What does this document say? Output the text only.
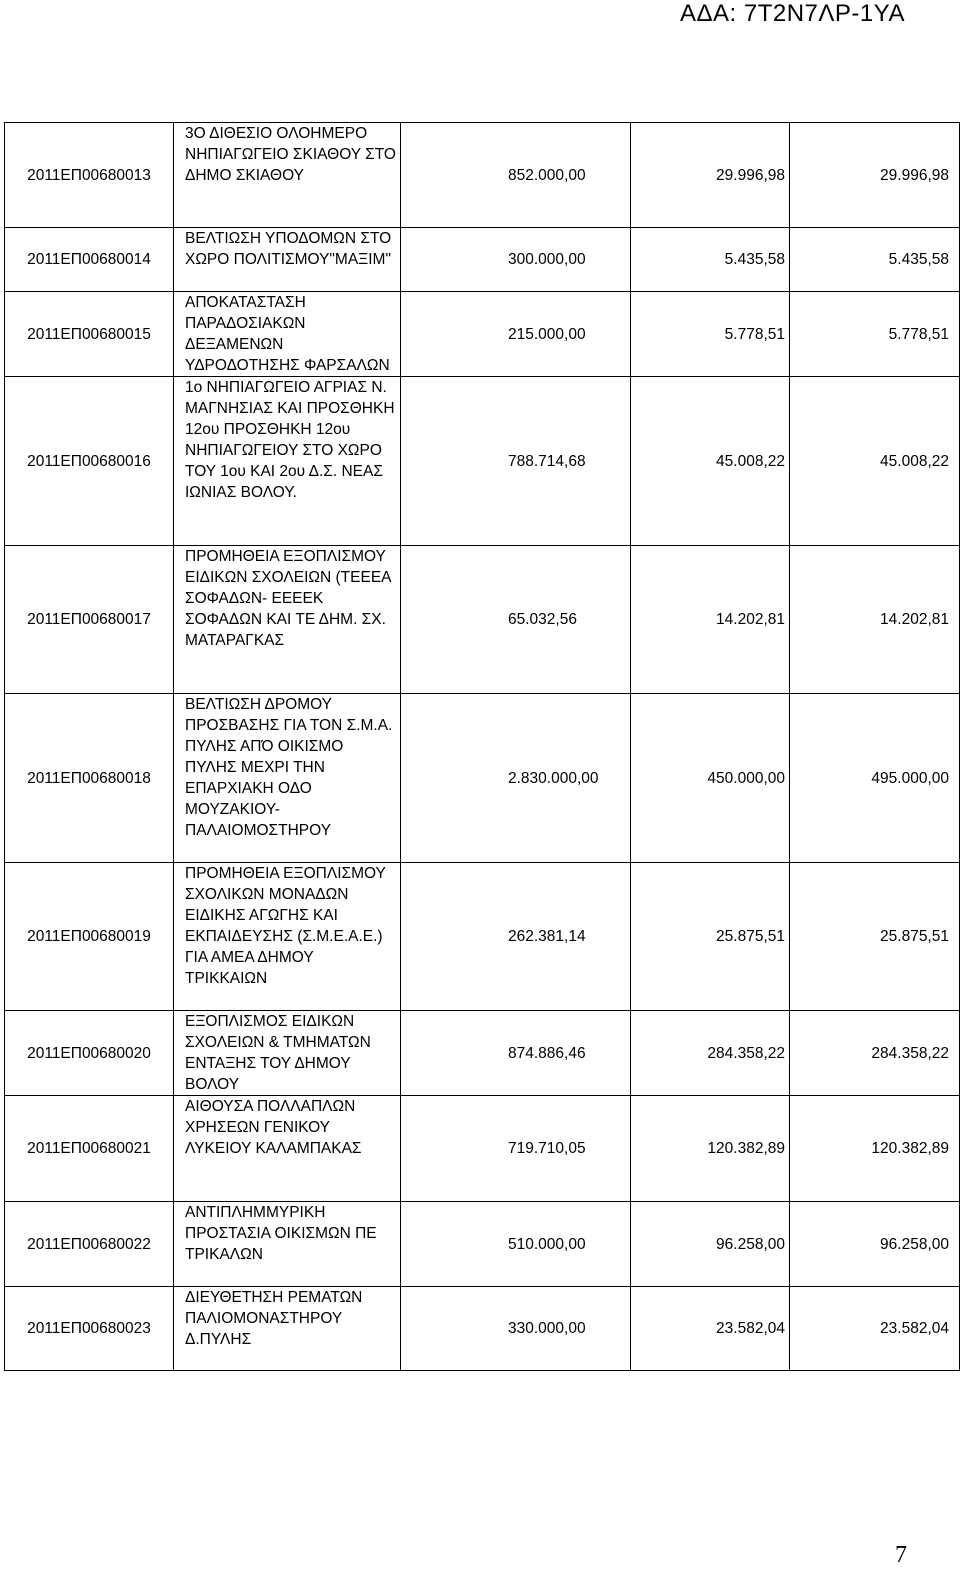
ΑΔΑ: 7Τ2Ν7ΛΡ-1ΥΑ
2011ΕΠ00680013	3Ο ΔΙΘΕΣΙΟ ΟΛΟΗΜΕΡΟ ΝΗΠΙΑΓΩΓΕΙΟ ΣΚΙΑΘΟΥ ΣΤΟ ΔΗΜΟ ΣΚΙΑΘΟΥ	852.000,00	29.996,98	29.996,98
2011ΕΠ00680014	ΒΕΛΤΙΩΣΗ ΥΠΟΔΟΜΩΝ ΣΤΟ ΧΩΡΟ ΠΟΛΙΤΙΣΜΟΥ"ΜΑΞΙΜ"	300.000,00	5.435,58	5.435,58
2011ΕΠ00680015	ΑΠΟΚΑΤΑΣΤΑΣΗ ΠΑΡΑΔΟΣΙΑΚΩΝ ΔΕΞΑΜΕΝΩΝ ΥΔΡΟΔΟΤΗΣΗΣ ΦΑΡΣΑΛΩΝ	215.000,00	5.778,51	5.778,51
2011ΕΠ00680016	1ο ΝΗΠΙΑΓΩΓΕΙΟ ΑΓΡΙΑΣ Ν. ΜΑΓΝΗΣΙΑΣ ΚΑΙ ΠΡΟΣΘΗΚΗ 12ου ΠΡΟΣΘΗΚΗ 12ου ΝΗΠΙΑΓΩΓΕΙΟΥ ΣΤΟ ΧΩΡΟ ΤΟΥ 1ου ΚΑΙ 2ου Δ.Σ. ΝΕΑΣ ΙΩΝΙΑΣ ΒΟΛΟΥ.	788.714,68	45.008,22	45.008,22
2011ΕΠ00680017	ΠΡΟΜΗΘΕΙΑ ΕΞΟΠΛΙΣΜΟΥ ΕΙΔΙΚΩΝ ΣΧΟΛΕΙΩΝ (ΤΕΕΕΑ ΣΟΦΑΔΩΝ- ΕΕΕΕΚ ΣΟΦΑΔΩΝ ΚΑΙ ΤΕ ΔΗΜ. ΣΧ. ΜΑΤΑΡΑΓΚΑΣ	65.032,56	14.202,81	14.202,81
2011ΕΠ00680018	ΒΕΛΤΙΩΣΗ ΔΡΟΜΟΥ ΠΡΟΣΒΑΣΗΣ ΓΙΑ ΤΟΝ Σ.Μ.Α. ΠΥΛΗΣ ΑΠΌ ΟΙΚΙΣΜΟ ΠΥΛΗΣ ΜΕΧΡΙ ΤΗΝ ΕΠΑΡΧΙΑΚΗ ΟΔΟ ΜΟΥΖΑΚΙΟΥ- ΠΑΛΑΙΟΜΟΣΤΗΡΟΥ	2.830.000,00	450.000,00	495.000,00
2011ΕΠ00680019	ΠΡΟΜΗΘΕΙΑ ΕΞΟΠΛΙΣΜΟΥ ΣΧΟΛΙΚΩΝ ΜΟΝΑΔΩΝ ΕΙΔΙΚΗΣ ΑΓΩΓΗΣ ΚΑΙ ΕΚΠΑΙΔΕΥΣΗΣ (Σ.Μ.Ε.Α.Ε.) ΓΙΑ ΑΜΕΑ ΔΗΜΟΥ ΤΡΙΚΚΑΙΩΝ	262.381,14	25.875,51	25.875,51
2011ΕΠ00680020	ΕΞΟΠΛΙΣΜΟΣ ΕΙΔΙΚΩΝ ΣΧΟΛΕΙΩΝ & ΤΜΗΜΑΤΩΝ ΕΝΤΑΞΗΣ ΤΟΥ ΔΗΜΟΥ ΒΟΛΟΥ	874.886,46	284.358,22	284.358,22
2011ΕΠ00680021	ΑΙΘΟΥΣΑ ΠΟΛΛΑΠΛΩΝ ΧΡΗΣΕΩΝ ΓΕΝΙΚΟΥ ΛΥΚΕΙΟΥ ΚΑΛΑΜΠΑΚΑΣ	719.710,05	120.382,89	120.382,89
2011ΕΠ00680022	ΑΝΤΙΠΛΗΜΜΥΡΙΚΗ ΠΡΟΣΤΑΣΙΑ ΟΙΚΙΣΜΩΝ ΠΕ ΤΡΙΚΑΛΩΝ	510.000,00	96.258,00	96.258,00
2011ΕΠ00680023	ΔΙΕΥΘΕΤΗΣΗ ΡΕΜΑΤΩΝ ΠΑΛΙΟΜΟΝΑΣΤΗΡΟΥ Δ.ΠΥΛΗΣ	330.000,00	23.582,04	23.582,04
7
